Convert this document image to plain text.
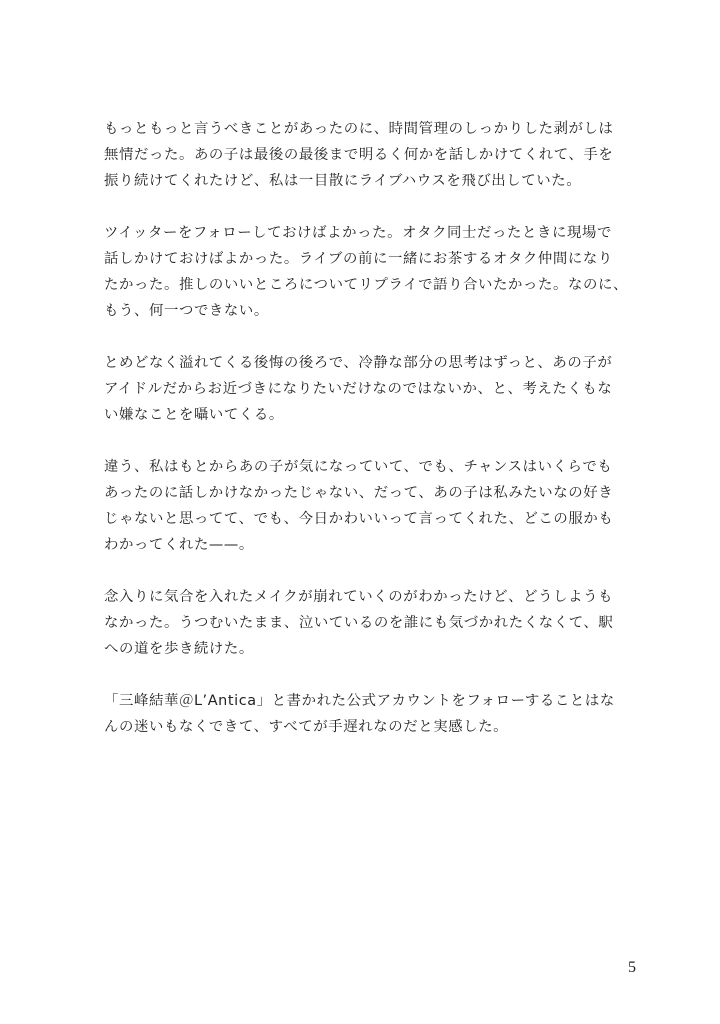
もっともっと言うべきことがあったのに、時間管理のしっかりした剥がしは
無情だった。あの子は最後の最後まで明るく何かを話しかけてくれて、手を
振り続けてくれたけど、私は一目散にライブハウスを飛び出していた。
ツイッターをフォローしておけばよかった。オタク同士だったときに現場で
話しかけておけばよかった。ライブの前に一緒にお茶するオタク仲間になり
たかった。推しのいいところについてリプライで語り合いたかった。なのに、
もう、何一つできない。
とめどなく溢れてくる後悔の後ろで、冷静な部分の思考はずっと、あの子が
アイドルだからお近づきになりたいだけなのではないか、と、考えたくもな
い嫌なことを囁いてくる。
違う、私はもとからあの子が気になっていて、でも、チャンスはいくらでも
あったのに話しかけなかったじゃない、だって、あの子は私みたいなの好き
じゃないと思ってて、でも、今日かわいいって言ってくれた、どこの服かも
わかってくれた——。
念入りに気合を入れたメイクが崩れていくのがわかったけど、どうしようも
なかった。うつむいたまま、泣いているのを誰にも気づかれたくなくて、駅
への道を歩き続けた。
「三峰結華＠L’Antica」と書かれた公式アカウントをフォローすることはな
んの迷いもなくできて、すべてが手遅れなのだと実感した。
5
